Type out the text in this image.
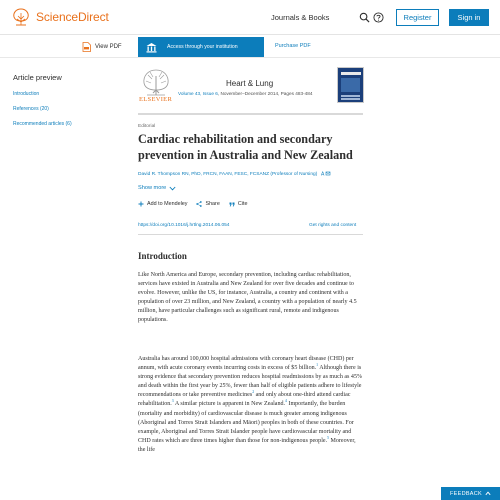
ScienceDirect	Journals & Books	Register	Sign in
View PDF	Access through your institution	Purchase PDF
Article preview
Introduction
References (20)
Recommended articles (6)
ELSEVIER
Heart & Lung
Volume 43, Issue 6, November–December 2014, Pages 483-484
Editorial
Cardiac rehabilitation and secondary prevention in Australia and New Zealand
David R. Thompson RN, PhD, FRCN, FAAN, FESC, FCSANZ (Professor of Nursing) A
Show more
Add to Mendeley	Share	Cite
https://doi.org/10.1016/j.hrtlng.2014.06.054	Get rights and content
Introduction

Like North America and Europe, secondary prevention, including cardiac rehabilitation, services have existed in Australia and New Zealand for over five decades and continue to evolve. However, unlike the US, for instance, Australia, a country and continent with a population of over 23 million, and New Zealand, a country with a population of nearly 4.5 million, have particular challenges such as significant rural, remote and indigenous populations.

Australia has around 100,000 hospital admissions with coronary heart disease (CHD) per annum, with acute coronary events incurring costs in excess of $5 billion.$^1$ Although there is strong evidence that secondary prevention reduces hospital readmissions by as much as 45% and death within the first year by 25%, fewer than half of eligible patients adhere to lifestyle recommendations or take preventive medicines$^2$ and only about one-third attend cardiac rehabilitation.$^3$ A similar picture is apparent in New Zealand.$^4$ Importantly, the burden (mortality and morbidity) of cardiovascular disease is much greater among indigenous (Aboriginal and Torres Strait Islanders and Māori) peoples in both of these countries. For example, Aboriginal and Torres Strait Islander people have cardiovascular mortality and CHD rates which are three times higher than those for non-indigenous people.$^5$ Moreover, the life

FEEDBACK
